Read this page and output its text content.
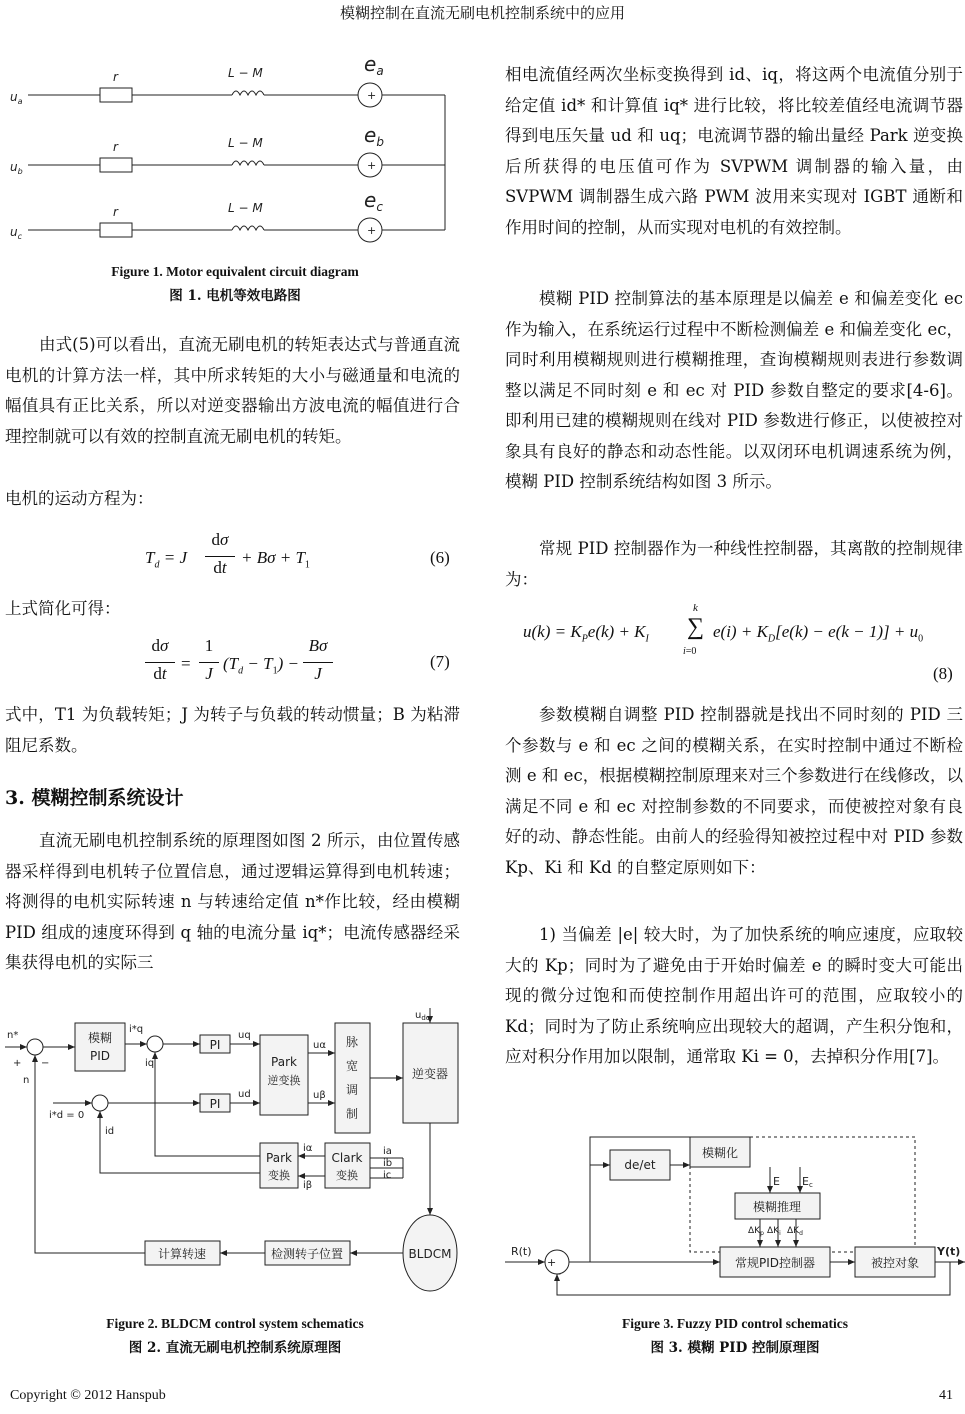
模糊控制在直流无刷电机控制系统中的应用
+
+
+
r
r
r
L − M
L − M
L − M
$u_a$
$u_b$
$u_c$
$e_a$
$e_b$
$e_c$
Figure 1. Motor equivalent circuit diagram
图 1. 电机等效电路图
由式(5)可以看出，直流无刷电机的转矩表达式与普通直流电机的计算方法一样，其中所求转矩的大小与磁通量和电流的幅值具有正比关系，所以对逆变器输出方波电流的幅值进行合理控制就可以有效的控制直流无刷电机的转矩。
电机的运动方程为：
$T_d = J$
dσ
dt
+ $B\sigma + T_1$	(6)
上式简化可得：
dσ
dt
=
1
J
$(T_d - T_1)$ −
Bσ
J
(7)
式中，T1 为负载转矩；J 为转子与负载的转动惯量；B 为粘滞阻尼系数。
3. 模糊控制系统设计
直流无刷电机控制系统的原理图如图 2 所示，由位置传感器采样得到电机转子位置信息，通过逻辑运算得到电机转速；将测得的电机实际转速 n 与转速给定值 n*作比较，经由模糊 PID 组成的速度环得到 q 轴的电流分量 iq*；电流传感器经采集获得电机的实际三
模糊
PID
PI
PI
Park
逆变换
脉
宽
调
制
逆变器
Park
变换
Clark
变换
计算转速	检测转子位置	BLDCM
n*
+ −
n
$u_{dc}$
i*q
iq
i*d = 0
id
uq
ud
uα
uβ
iα
iβ
ia
ib
ic
Figure 2. BLDCM control system schematics
图 2. 直流无刷电机控制系统原理图
相电流值经两次坐标变换得到 id、iq，将这两个电流值分别于给定值 id* 和计算值 iq* 进行比较，将比较差值经电流调节器得到电压矢量 ud 和 uq；电流调节器的输出量经 Park 逆变换后所获得的电压值可作为 SVPWM 调制器的输入量，由 SVPWM 调制器生成六路 PWM 波用来实现对 IGBT 通断和作用时间的控制，从而实现对电机的有效控制。
模糊 PID 控制算法的基本原理是以偏差 e 和偏差变化 ec 作为输入，在系统运行过程中不断检测偏差 e 和偏差变化 ec，同时利用模糊规则进行模糊推理，查询模糊规则表进行参数调整以满足不同时刻 e 和 ec 对 PID 参数自整定的要求[4-6]。即利用已建的模糊规则在线对 PID 参数进行修正，以使被控对象具有良好的静态和动态性能。以双闭环电机调速系统为例，模糊 PID 控制系统结构如图 3 所示。
常规 PID 控制器作为一种线性控制器，其离散的控制规律为：
$u(k) = K_Pe(k) + K_I$
k
∑
i=0
$e(i) + K_D[e(k) - e(k - 1)] + u_0$
(8)
参数模糊自调整 PID 控制器就是找出不同时刻的 PID 三个参数与 e 和 ec 之间的模糊关系，在实时控制中通过不断检测 e 和 ec，根据模糊控制原理来对三个参数进行在线修改，以满足不同 e 和 ec 对控制参数的不同要求，而使被控对象有良好的动、静态性能。由前人的经验得知被控过程中对 PID 参数 Kp、Ki 和 Kd 的自整定原则如下：
1) 当偏差 |e| 较大时，为了加快系统的响应速度，应取较大的 Kp；同时为了避免由于开始时偏差 e 的瞬时变大可能出现的微分过饱和而使控制作用超出许可的范围，应取较小的 Kd；同时为了防止系统响应出现较大的超调，产生积分饱和，应对积分作用加以限制，通常取 Ki = 0，去掉积分作用[7]。
de/et
模糊化
模糊推理
常规PID控制器	被控对象
E Ec
$\Delta K_p$ $\Delta K_i$ $\Delta K_d$
R(t)	Y(t)
+
-
Figure 3. Fuzzy PID control schematics
图 3. 模糊 PID 控制原理图
Copyright © 2012 Hanspub	41
